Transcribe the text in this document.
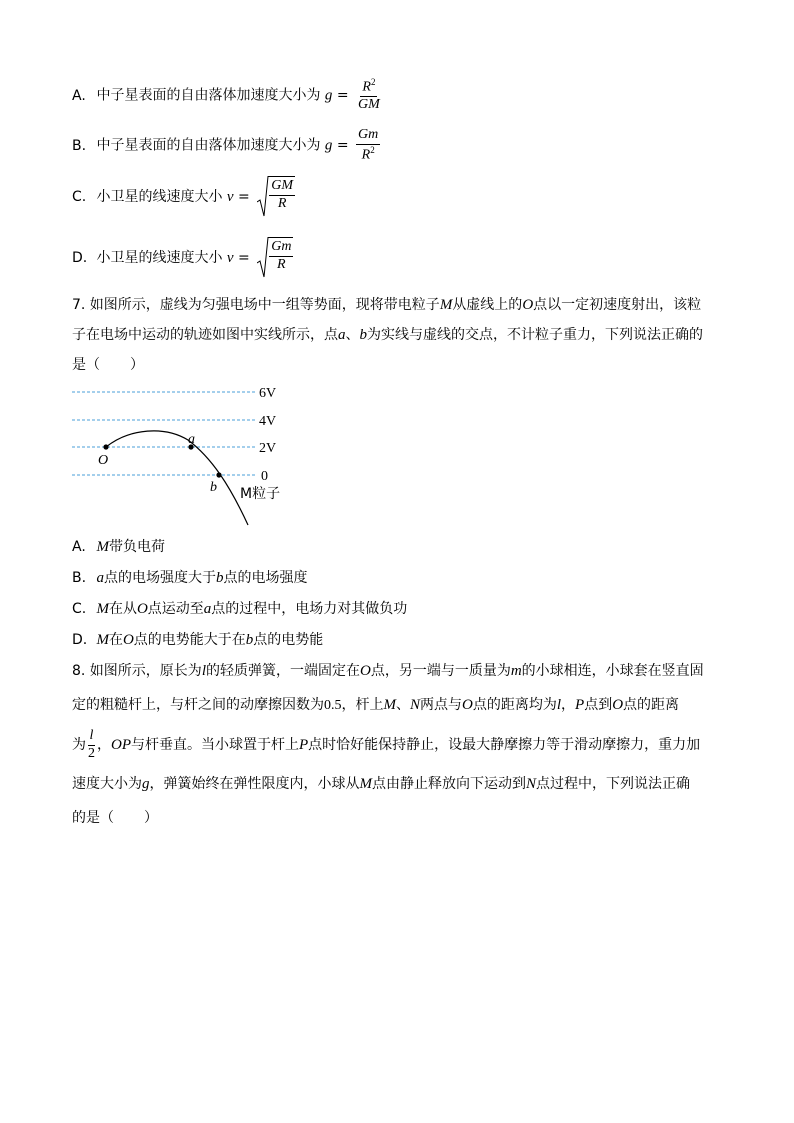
A. 中子星表面的自由落体加速度大小为 $g = \frac{R^2}{GM}$
B. 中子星表面的自由落体加速度大小为 $g = \frac{Gm}{R^2}$
C. 小卫星的线速度大小 $v = \frac{GM}{R}$
D. 小卫星的线速度大小 $v = \frac{Gm}{R}$
7. 如图所示，虚线为匀强电场中一组等势面，现将带电粒子M从虚线上的O点以一定初速度射出，该粒
子在电场中运动的轨迹如图中实线所示，点a、b为实线与虚线的交点，不计粒子重力，下列说法正确的
是（ ）
6V
4V
2V
0
O
a
b M粒子
A. M带负电荷
B. a点的电场强度大于b点的电场强度
C. M在从O点运动至a点的过程中，电场力对其做负功
D. M在O点的电势能大于在b点的电势能
8. 如图所示，原长为l的轻质弹簧，一端固定在O点，另一端与一质量为m的小球相连，小球套在竖直固
定的粗糙杆上，与杆之间的动摩擦因数为0.5，杆上M、N两点与O点的距离均为l，P点到O点的距离
为 $\frac{l}{2}$ ，OP与杆垂直。当小球置于杆上P点时恰好能保持静止，设最大静摩擦力等于滑动摩擦力，重力加
速度大小为g，弹簧始终在弹性限度内，小球从M点由静止释放向下运动到N点过程中，下列说法正确
的是（ ）
